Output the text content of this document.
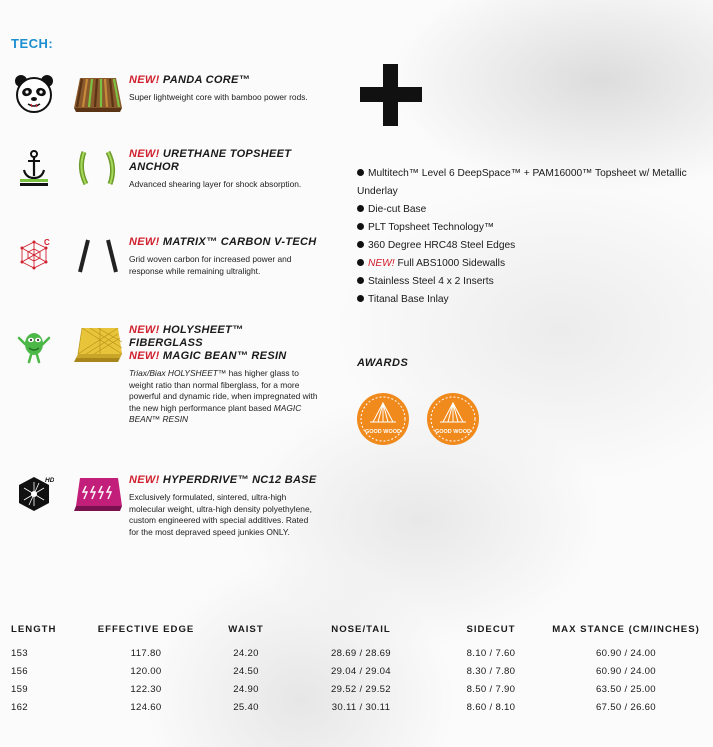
TECH:
NEW! PANDA CORE™
Super lightweight core with bamboo power rods.
NEW! URETHANE TOPSHEET ANCHOR
Advanced shearing layer for shock absorption.
C	NEW! MATRIX™ CARBON V-TECH
Grid woven carbon for increased power and response while remaining ultralight.
NEW! HOLYSHEET™ FIBERGLASS
NEW! MAGIC BEAN™ RESIN
Triax/Biax HOLYSHEET™ has higher glass to weight ratio than normal fiberglass, for a more powerful and dynamic ride, when impregnated with the new high performance plant based MAGIC BEAN™ RESIN
HD	NEW! HYPERDRIVE™ NC12 BASE
Exclusively formulated, sintered, ultra-high molecular weight, ultra-high density polyethylene, custom engineered with special additives. Rated for the most depraved speed junkies ONLY.
Multitech™ Level 6 DeepSpace™ + PAM16000™ Topsheet w/ Metallic Underlay
Die-cut Base
PLT Topsheet Technology™
360 Degree HRC48 Steel Edges
NEW! Full ABS1000 Sidewalls
Stainless Steel 4 x 2 Inserts
Titanal Base Inlay
AWARDS
GOOD WOOD	GOOD WOOD
LENGTH	EFFECTIVE EDGE	WAIST	NOSE/TAIL	SIDECUT	MAX STANCE (CM/INCHES)
153	117.80	24.20	28.69 / 28.69	8.10 / 7.60	60.90 / 24.00
156	120.00	24.50	29.04 / 29.04	8.30 / 7.80	60.90 / 24.00
159	122.30	24.90	29.52 / 29.52	8.50 / 7.90	63.50 / 25.00
162	124.60	25.40	30.11 / 30.11	8.60 / 8.10	67.50 / 26.60
